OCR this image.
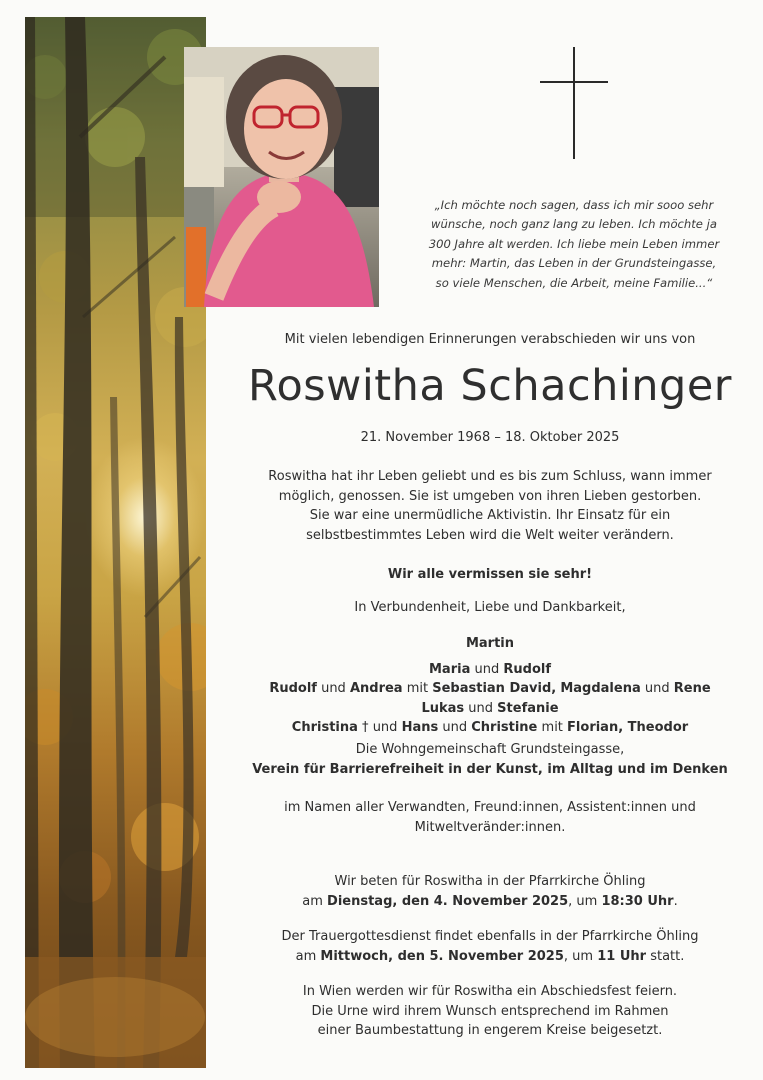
„Ich möchte noch sagen, dass ich mir sooo sehr

wünsche, noch ganz lang zu leben. Ich möchte ja

300 Jahre alt werden. Ich liebe mein Leben immer

mehr: Martin, das Leben in der Grundsteingasse,

so viele Menschen, die Arbeit, meine Familie...“

Mit vielen lebendigen Erinnerungen verabschieden wir uns von

Roswitha Schachinger

21. November 1968 – 18. Oktober 2025

Roswitha hat ihr Leben geliebt und es bis zum Schluss, wann immer

möglich, genossen. Sie ist umgeben von ihren Lieben gestorben.

Sie war eine unermüdliche Aktivistin. Ihr Einsatz für ein

selbstbestimmtes Leben wird die Welt weiter verändern.

Wir alle vermissen sie sehr!

In Verbundenheit, Liebe und Dankbarkeit,

Martin

Maria und Rudolf

Rudolf und Andrea mit Sebastian David, Magdalena und Rene

Lukas und Stefanie

Christina † und Hans und Christine mit Florian, Theodor

Die Wohngemeinschaft Grundsteingasse,

Verein für Barrierefreiheit in der Kunst, im Alltag und im Denken

im Namen aller Verwandten, Freund:innen, Assistent:innen und

Mitweltveränder:innen.

Wir beten für Roswitha in der Pfarrkirche Öhling

am Dienstag, den 4. November 2025, um 18:30 Uhr.

Der Trauergottesdienst findet ebenfalls in der Pfarrkirche Öhling

am Mittwoch, den 5. November 2025, um 11 Uhr statt.

In Wien werden wir für Roswitha ein Abschiedsfest feiern.

Die Urne wird ihrem Wunsch entsprechend im Rahmen

einer Baumbestattung in engerem Kreise beigesetzt.
